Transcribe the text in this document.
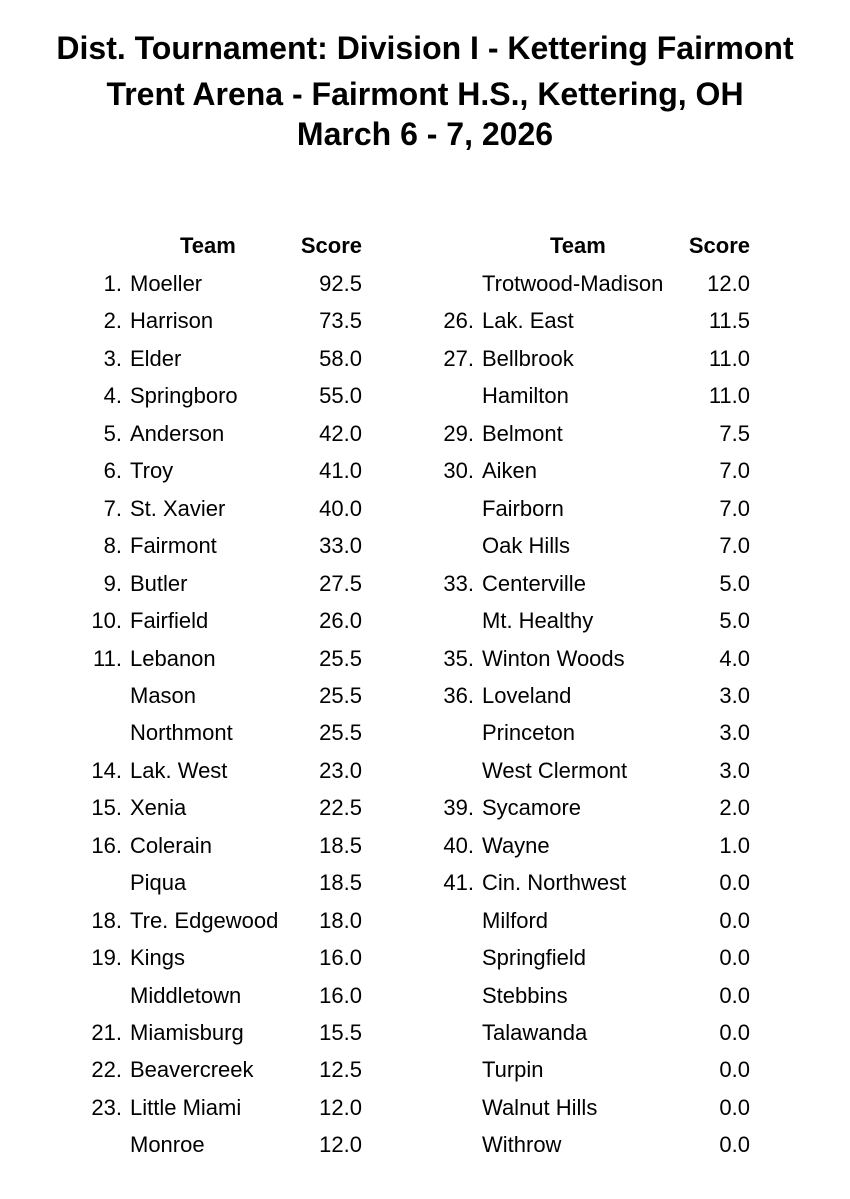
Dist. Tournament: Division I - Kettering Fairmont
Trent Arena - Fairmont H.S., Kettering, OH
March 6 - 7, 2026
Team	Score
1. Moeller	92.5
2. Harrison	73.5
3. Elder	58.0
4. Springboro	55.0
5. Anderson	42.0
6. Troy	41.0
7. St. Xavier	40.0
8. Fairmont	33.0
9. Butler	27.5
10. Fairfield	26.0
11. Lebanon	25.5
Mason	25.5
Northmont	25.5
14. Lak. West	23.0
15. Xenia	22.5
16. Colerain	18.5
Piqua	18.5
18. Tre. Edgewood	18.0
19. Kings	16.0
Middletown	16.0
21. Miamisburg	15.5
22. Beavercreek	12.5
23. Little Miami	12.0
Monroe	12.0
Team	Score
Trotwood-Madison	12.0
26. Lak. East	11.5
27. Bellbrook	11.0
Hamilton	11.0
29. Belmont	7.5
30. Aiken	7.0
Fairborn	7.0
Oak Hills	7.0
33. Centerville	5.0
Mt. Healthy	5.0
35. Winton Woods	4.0
36. Loveland	3.0
Princeton	3.0
West Clermont	3.0
39. Sycamore	2.0
40. Wayne	1.0
41. Cin. Northwest	0.0
Milford	0.0
Springfield	0.0
Stebbins	0.0
Talawanda	0.0
Turpin	0.0
Walnut Hills	0.0
Withrow	0.0
